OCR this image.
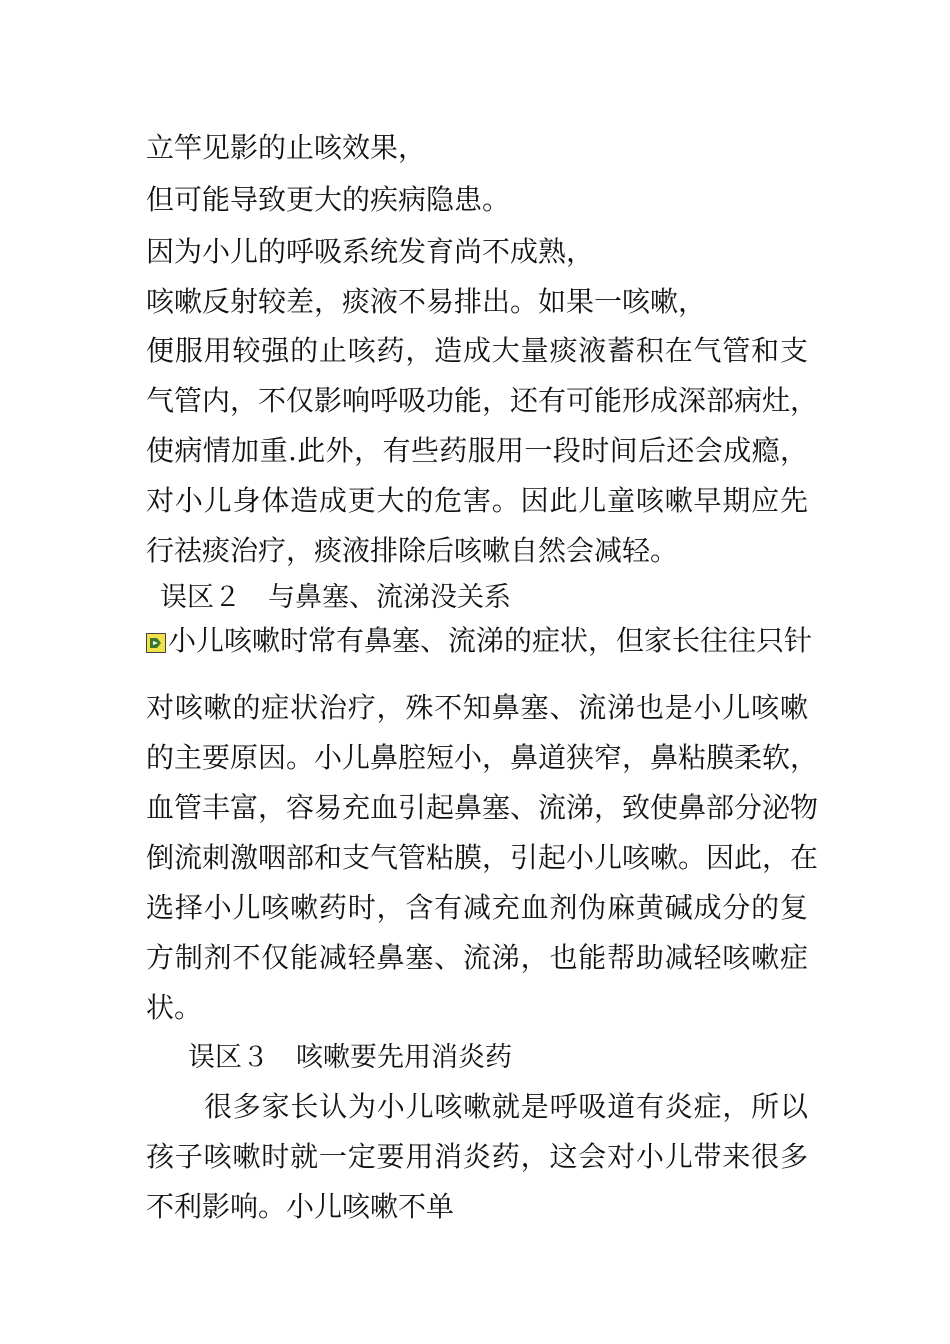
立竿见影的止咳效果，
但可能导致更大的疾病隐患。
因为小儿的呼吸系统发育尚不成熟，
咳嗽反射较差，痰液不易排出。如果一咳嗽，
便服用较强的止咳药，造成大量痰液蓄积在气管和支
气管内，不仅影响呼吸功能，还有可能形成深部病灶，
使病情加重.此外，有些药服用一段时间后还会成瘾，
对小儿身体造成更大的危害。因此儿童咳嗽早期应先
行祛痰治疗，痰液排除后咳嗽自然会减轻。
误区２　与鼻塞、流涕没关系
小儿咳嗽时常有鼻塞、流涕的症状，但家长往往只针
对咳嗽的症状治疗，殊不知鼻塞、流涕也是小儿咳嗽
的主要原因。小儿鼻腔短小，鼻道狭窄，鼻粘膜柔软，
血管丰富，容易充血引起鼻塞、流涕，致使鼻部分泌物
倒流刺激咽部和支气管粘膜，引起小儿咳嗽。因此，在
选择小儿咳嗽药时，含有减充血剂伪麻黄碱成分的复
方制剂不仅能减轻鼻塞、流涕，也能帮助减轻咳嗽症
状。
误区３　咳嗽要先用消炎药
很多家长认为小儿咳嗽就是呼吸道有炎症，所以
孩子咳嗽时就一定要用消炎药，这会对小儿带来很多
不利影响。小儿咳嗽不单
